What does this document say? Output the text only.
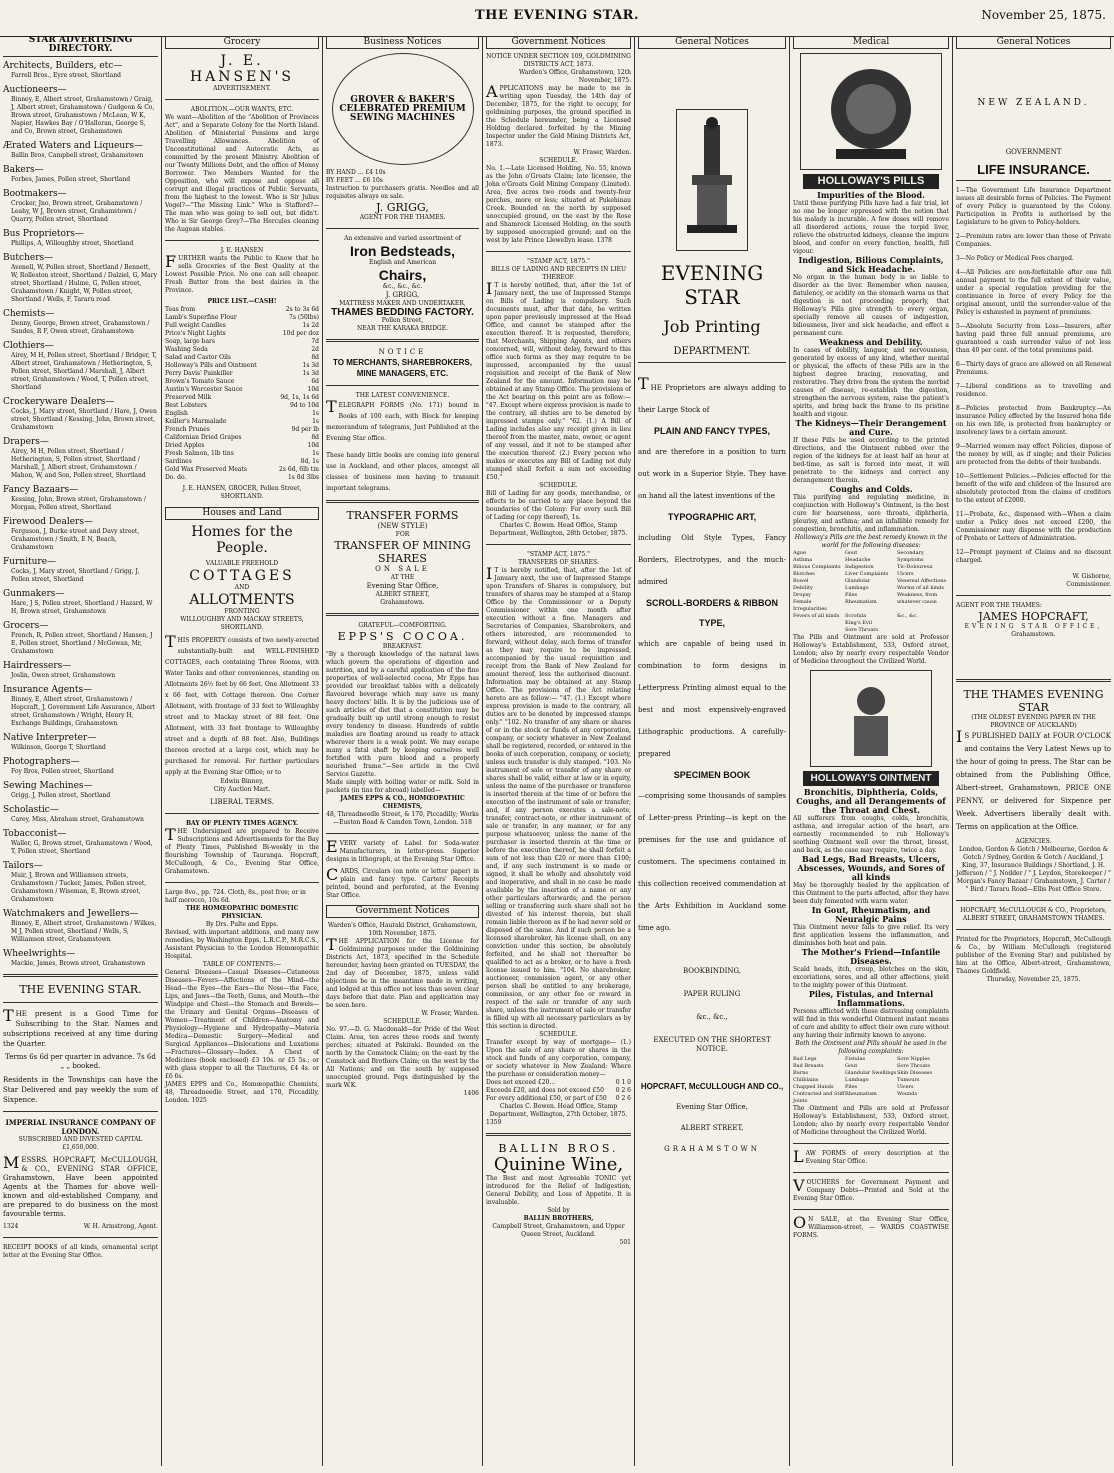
THE EVENING STAR.	November 25, 1875.
STAR ADVERTISING DIRECTORY.
Architects, Builders, etc—
Farrell Bros., Eyre street, Shortland
Auctioneers—
Binney, E, Albert street, Grahamstown / Graig, J, Albert street, Grahamstown / Gudgeon & Co, Brown street, Grahamstown / McLean, W K, Napier, Hawkes Bay / O'Halloran, George S, and Co, Brown street, Grahamstown
Ærated Waters and Liqueurs—
Ballin Bros, Campbell street, Grahamstown
Bakers—
Forbes, James, Pollen street, Shortland
Bootmakers—
Crocker, Jno, Brown street, Grahamstown / Leahy, W J, Brown street, Grahamstown / Quarry, Pollen street, Shortland
Bus Proprietors—
Phillips, A, Willoughby street, Shortland
Butchers—
Avenell, W, Pollen street, Shortland / Bennett, W, Rolleston street, Shortland / Dalziel, G, Mary street, Shortland / Hulme, G, Pollen street, Grahamstown / Knight, W, Pollen street, Shortland / Wells, F, Tararu road
Chemists—
Denny, George, Brown street, Grahamstown / Sandes, R F, Owen street, Grahamstown
Clothiers—
Airey, M H, Pollen street, Shortland / Bridger, T, Albert street, Grahamstown / Hetherington, S, Pollen street, Shortland / Marshall, J, Albert street, Grahamstown / Wood, T, Pollen street, Shortland
Crockeryware Dealers—
Cocks, J, Mary street, Shortland / Hare, J, Owen street, Shortland / Kessing, John, Brown street, Grahamstown
Drapers—
Airey, M H, Pollen street, Shortland / Hetherington, S, Pollen street, Shortland / Marshall, J, Albert street, Grahamstown / Mahon, W, and Son, Pollen street, Shortland
Fancy Bazaars—
Kessing, John, Brown street, Grahamstown / Morgan, Pollen street, Shortland
Firewood Dealers—
Ferguson, J, Burke street and Davy street, Grahamstown / Smith, E N, Beach, Grahamstown
Furniture—
Cocks, J, Mary street, Shortland / Grigg, J, Pollen street, Shortland
Gunmakers—
Hare, J S, Pollen street, Shortland / Hazard, W H, Brown street, Grahamstown
Grocers—
French, R, Pollen street, Shortland / Hansen, J E, Pollen street, Shortland / McGowan, Mr, Grahamstown
Hairdressers—
Joslin, Owen street, Grahamstown
Insurance Agents—
Binney, E, Albert street, Grahamstown / Hopcraft, J, Government Life Assurance, Albert street, Grahamstown / Wright, Henry H, Exchange Buildings, Grahamstown
Native Interpreter—
Wilkinson, George T, Shortland
Photographers—
Foy Bros, Pollen street, Shortland
Sewing Machines—
Grigg, J, Pollen street, Shortland
Scholastic—
Carey, Miss, Abraham street, Grahamstown
Tobacconist—
Waller, G, Brown street, Grahamstown / Wood, T, Pollen street, Shortland
Tailors—
Muir, J, Brown and Williamson streets, Grahamstown / Tucker, James, Pollen street, Grahamstown / Wiseman, E, Brown street, Grahamstown
Watchmakers and Jewellers—
Binney, E, Albert street, Grahamstown / Wilkes, M J, Pollen street, Shortland / Wells, S, Williamson street, Grahamstown
Wheelwrights—
Mackie, James, Brown street, Grahamstown
THE EVENING STAR.
THE present is a Good Time for Subscribing to the Star. Names and subscriptions received at any time during the Quarter.
Terms 6s 6d per quarter in advance. 7s 6d „ „ booked.
Residents in the Townships can have the Star Delivered and pay weekly the sum of Sixpence.
IMPERIAL INSURANCE COMPANY OF LONDON.
SUBSCRIBED AND INVESTED CAPITAL £1,650,000.
MESSRS. HOPCRAFT, McCULLOUGH, & CO., EVENING STAR OFFICE, Grahamstown, Have been appointed Agents at the Thames for above well-known and old-established Company, and are prepared to do business on the most favourable terms.
1324	W. H. Armstrong, Agent.
RECEIPT BOOKS of all kinds, ornamental script letter at the Evening Star Office.
Grocery
J. E. HANSEN'S
ADVERTISEMENT.
ABOLITION.—OUR WANTS, ETC.
We want—Abolition of the "Abolition of Provinces Act", and a Separate Colony for the North Island. Abolition of Ministerial Pensions and large Travelling Allowances. Abolition of Unconstitutional and Autocratic Acts, as committed by the present Ministry. Abolition of our Twenty Millions Debt, and the office of Money Borrower. Two Members Wanted for the Opposition, who will expose and oppose all corrupt and illegal practices of Public Servants, from the highest to the lowest. Who is Sir Julius Vogel?—"The Missing Link." Who is Stafford?—The man who was going to sell out, but didn't. Who is Sir George Grey?—The Hercules cleaning the Augean stables.
J. E. HANSEN
FURTHER wants the Public to Know that he sells Groceries of the Best Quality at the Lowest Possible Price. No one can sell cheaper. Fresh Butter from the best dairies in the Province.
PRICE LIST.—CASH!
Teas from	2s to 3s 6d
Lamb's Superfine Flour	7s (50lbs)
Full weight Candles	1s 2d
Price's Night Lights	10d per doz
Soap, large bars	7d
Washing Soda	2d
Salad and Castor Oils	8d
Holloway's Pills and Ointment	1s 3d
Perry Davis' Painkiller	1s 3d
Brown's Tomato Sauce	6d
Austin's Worcester Sauce	10d
Preserved Milk	9d, 1s, 1s 6d
Best Lobsters	9d to 10d
English	1s
Keiller's Marmalade	1s
French Prunes	9d per lb
Californian Dried Grapes	8d
Dried Apples	10d
Fresh Salmon, 1lb tins	1s
Sardines	8d, 1s
Gold Wax Preserved Meats	2s 6d, 6lb tin
Do. do.	1s 8d 3lbs
J. E. HANSEN, GROCER, Pollen Street, SHORTLAND.
Houses and Land
Homes for the People.
VALUABLE FREEHOLD
COTTAGES
AND
ALLOTMENTS
FRONTING
WILLOUGHBY AND MACKAY STREETS, SHORTLAND.
THIS PROPERTY consists of two newly-erected substantially-built and WELL-FINISHED COTTAGES, each containing Three Rooms, with Water Tanks and other conveniences, standing on Allotments 26½ feet by 66 feet. One Allotment 33 x 66 feet, with Cottage thereon. One Corner Allotment, with frontage of 33 feet to Willoughby street and to Mackay street of 88 feet. One Allotment, with 33 feet frontage to Willoughby street and a depth of 88 feet. Also, Buildings thereon erected at a large cost, which may be purchased for removal. For further particulars apply at the Evening Star Office; or to
Edwin Binney,
City Auction Mart.
LIBERAL TERMS.
BAY OF PLENTY TIMES AGENCY.
THE Undersigned are prepared to Receive Subscriptions and Advertisements for the Bay of Plenty Times, Published Bi-weekly in the flourishing Township of Tauranga. Hopcraft, McCullough, & Co., Evening Star Office, Grahamstown.
Large 8vo., pp. 724. Cloth, 8s., post free; or in half morocco, 10s 6d.
THE HOMŒOPATHIC DOMESTIC PHYSICIAN.
By Drs. Pulte and Epps.
Revised, with important additions, and many new remedies, by Washington Epps, L.R.C.P., M.R.C.S., Assistant Physician to the London Homœopathic Hospital.
TABLE OF CONTENTS:—
General Diseases—Casual Diseases—Cutaneous Diseases—Fevers—Affections of the Mind—the Head—the Eyes—the Ears—the Nose—the Face, Lips, and Jaws—the Teeth, Gums, and Mouth—the Windpipe and Chest—the Stomach and Bowels—the Urinary and Genital Organs—Diseases of Women—Treatment of Children—Anatomy and Physiology—Hygiene and Hydropathy—Materia Medica—Domestic Surgery—Medical and Surgical Appliances—Dislocations and Luxations—Fractures—Glossary—Index. A Chest of Medicines (book enclosed) £3 10s. or £5 5s.; or with glass stopper to all the Tinctures, £4 4s. or £6 6s.
JAMES EPPS and Co., Homœopathic Chemists, 48, Threadneedle Street, and 170, Piccadilly, London. 1025
Business Notices
GROVER & BAKER'S CELEBRATED PREMIUM SEWING MACHINES
BY HAND ... £4 10s
BY FEET ... £6 10s
Instruction to purchasers gratis. Needles and all requisites always on sale.
J. GRIGG,
AGENT FOR THE THAMES.
An extensive and varied assortment of
Iron Bedsteads,
English and American
Chairs,
&c., &c., &c.
J. GRIGG,
MATTRESS MAKER AND UNDERTAKER,
THAMES BEDDING FACTORY.
Pollen Street,
NEAR THE KARAKA BRIDGE.
NOTICE
TO MERCHANTS, SHAREBROKERS, MINE MANAGERS, ETC.
THE LATEST CONVENIENCE.
TELEGRAPH FORMS (No. 171) bound in Books of 100 each, with Block for keeping memorandum of telegrams, Just Published at the Evening Star office.
These handy little books are coming into general use in Auckland, and other places, amongst all classes of business men having to transmit important telegrams.
TRANSFER FORMS
(NEW STYLE)
FOR
TRANSFER OF MINING SHARES
ON SALE
AT THE
Evening Star Office,
ALBERT STREET,
Grahamstown.
GRATEFUL—COMFORTING.
EPPS'S COCOA.
BREAKFAST.
"By a thorough knowledge of the natural laws which govern the operations of digestion and nutrition, and by a careful application of the fine properties of well-selected cocoa, Mr Epps has provided our breakfast tables with a delicately flavoured beverage which may save us many heavy doctors' bills. It is by the judicious use of such articles of diet that a constitution may be gradually built up until strong enough to resist every tendency to disease. Hundreds of subtle maladies are floating around us ready to attack wherever there is a weak point. We may escape many a fatal shaft by keeping ourselves well fortified with pure blood and a properly nourished frame."—See article in the Civil Service Gazette.
Made simply with boiling water or milk. Sold in packets (in tins for abroad) labelled—
JAMES EPPS & CO., HOMŒOPATHIC CHEMISTS,
48, Threadneedle Street, & 170, Piccadilly; Works—Euston Road & Camden Town, London. 518
EVERY variety of Label for Soda-water Manufacturers, in letter-press. Superior designs in lithograph, at the Evening Star Office.
CARDS, Circulars (on note or letter paper) in plain and fancy type. Carters' Receipts printed, bound and perforated, at the Evening Star Office.
Government Notices
Warden's Office, Hauraki District, Grahamstown, 10th November, 1875.
THE APPLICATION for the License for Goldmining purposes under the Goldmining Districts Act, 1873, specified in the Schedule hereunder, having been granted on TUESDAY, the 2nd day of December, 1875, unless valid objections be in the meantime made in writing, and lodged at this office not less than seven clear days before that date. Plan and application may be seen here.
W. Fraser, Warden.
SCHEDULE.
No. 97.—D. G. Macdonald—for Pride of the West Claim. Area, ten acres three roods and twenty perches; situated at Pakiraki. Bounded on the north by the Comstock Claim; on the east by the Comstock and Brothers Claim; on the west by the All Nations; and on the south by supposed unoccupied ground. Pegs distinguished by the mark W.K.
1406
Government Notices
NOTICE UNDER SECTION 109, GOLDMINING DISTRICTS ACT, 1873.
Warden's Office, Grahamstown, 12th November, 1875.
APPLICATIONS may be made to me in writing upon Tuesday, the 14th day of December, 1875, for the right to occupy, for goldmining purposes, the ground specified in the Schedule hereunder, being a Licensed Holding declared forfeited by the Mining Inspector under the Gold Mining Districts Act, 1873.
W. Fraser, Warden.
SCHEDULE.
No. 1.—Late Licensed Holding, No. 55, known as the John o'Groats Claim; late licensee, the John o'Groats Gold Mining Company (Limited). Area, five acres two roods and twenty-four perches, more or less; situated at Pukehinau Creek. Bounded on the north by supposed unoccupied ground, on the east by the Rose and Shamrock Licensed Holding, on the south by supposed unoccupied ground; and on the west by late Prince Llewellyn lease. 1378
"STAMP ACT, 1875."
BILLS OF LADING AND RECEIPTS IN LIEU THEREOF.
IT is hereby notified, that, after the 1st of January next, the use of Impressed Stamps on Bills of Lading is compulsory. Such documents must, after that date, be written upon paper previously impressed at the Head Office, and cannot be stamped after the execution thereof. It is requested, therefore, that Merchants, Shipping Agents, and others concerned, will, without delay, forward to this office such forms as they may require to be impressed, accompanied by the usual requisition and receipt of the Bank of New Zealand for the amount. Information may be obtained at any Stamp Office. The provisions of the Act bearing on this point are as follow:— "47. Except where express provision is made to the contrary, all duties are to be denoted by impressed stamps only." "62. (1.) A Bill of Lading includes also any receipt given in lieu thereof from the master, mate, owner, or agent of any vessel, and it not to be stamped after the execution thereof. (2.) Every person who makes or executes any Bill of Lading not duly stamped shall forfeit a sum not exceeding £50."
SCHEDULE.
Bill of Lading for any goods, merchandise, or effects to be carried to any place beyond the boundaries of the Colony: For every such Bill of Lading (or copy thereof), 1s.
Charles C. Bowen. Head Office, Stamp Department, Wellington, 28th October, 1875.
"STAMP ACT, 1875."
TRANSFERS OF SHARES.
IT is hereby notified, that, after the 1st of January next, the use of Impressed Stamps upon Transfers of Shares is compulsory, but transfers of shares may be stamped at a Stamp Office by the Commissioner or a Deputy Commissioner within one month after execution without a fine. Managers and Secretaries of Companies, Sharebrokers, and others interested, are recommended to forward, without delay, such forms of transfer as they may require to be impressed, accompanied by the usual requisition and receipt from the Bank of New Zealand for amount thereof, less the authorised discount. Information may be obtained at any Stamp Office. The provisions of the Act relating hereto are as follow:— "47. (1.) Except where express provision is made to the contrary, all duties are to be denoted by impressed stamps only." "102. No transfer of any share or shares of or in the stock or funds of any corporation, company, or society whatever in New Zealand shall be registered, recorded, or entered in the books of such corporation, company, or society, unless such transfer is duly stamped. "103. No instrument of sale or transfer of any share or shares shall be valid, either at law or in equity, unless the name of the purchaser or transferee is inserted therein at the time of or before the execution of the instrument of sale or transfer; and, if any person executes a sale-note, transfer, contract-note, or other instrument of sale or transfer, in any manner, or for any purpose whatsoever, unless the name of the purchaser is inserted therein at the time or before the execution thereof, he shall forfeit a sum of not less than £20 or more than £100; and, if any such instrument is so made or signed, it shall be wholly and absolutely void and inoperative, and shall in no case be made available by the insertion of a name or any other particulars afterwards; and the person selling or transferring such share shall not be divested of his interest therein, but shall remain liable thereon as if he had never sold or disposed of the same. And if such person be a licensed sharebroker, his license shall, on any conviction under this section, be absolutely forfeited, and he shall not thereafter be qualified to act as a broker, or to have a fresh license issued to him. "104. No sharebroker, auctioneer, commission agent, or any other person shall be entitled to any brokerage, commission, or any other fee or reward in respect of the sale or transfer of any such share, unless the instrument of sale or transfer is filled up with all necessary particulars as by this section is directed.
SCHEDULE.
Transfer except by way of mortgage— (1.) Upon the sale of any share or shares in the stock and funds of any corporation, company, or society whatever in New Zealand: Where the purchase or consideration money—
Does not exceed £20...	0 1 0
Exceeds £20, and does not exceed £50 0 2 6
For every additional £50, or part of £50 0 2 6
Charles C. Bowen. Head Office, Stamp Department, Wellington, 27th October, 1875.
1359
BALLIN BROS.
Quinine Wine,
The Best and most Agreeable TONIC yet introduced for the Relief of Indigestion, General Debility, and Loss of Appetite. It is invaluable.
Sold by
BALLIN BROTHERS,
Campbell Street, Grahamstown, and Upper Queen Street, Auckland.
501
General Notices
EVENING STAR
Job Printing
DEPARTMENT.
THE Proprietors are always adding to their Large Stock of
PLAIN AND FANCY TYPES,
and are therefore in a position to turn out work in a Superior Style. They have on hand all the latest inventions of the
TYPOGRAPHIC ART,
including Old Style Types, Fancy Borders, Electrotypes, and the much-admired
SCROLL-BORDERS & RIBBON TYPE,
which are capable of being used in combination to form designs in Letterpress Printing almost equal to the best and most expensively-engraved Lithographic productions. A carefully-prepared
SPECIMEN BOOK
—comprising some thousands of samples of Letter-press Printing—is kept on the premises for the use and guidance of customers. The specimens contained in this collection received commendation at the Arts Exhibition in Auckland some time ago.
BOOKBINDING,
PAPER RULING
&c., &c.,
EXECUTED ON THE SHORTEST NOTICE.
HOPCRAFT, McCULLOUGH AND CO.,
Evening Star Office,
ALBERT STREET,
GRAHAMSTOWN
Medical
HOLLOWAY'S PILLS
Impurities of the Blood.
Until these purifying Pills have had a fair trial, let no one be longer oppressed with the notion that his malady is incurable. A few doses will remove all disordered actions, rouse the torpid liver, relieve the obstructed kidneys, cleanse the impure blood, and confer on every function, health, full vigour.
Indigestion, Bilious Complaints, and Sick Headache.
No organ in the human body is so liable to disorder as the liver. Remember when nausea, flatulency, or acidity on the stomach warns us that digestion is not proceeding properly, that Holloway's Pills give strength to every organ, specially remove all causes of indigestion, biliousness, liver and sick headache, and effect a permanent cure.
Weakness and Debility.
In cases of debility, languor, and nervousness, generated by excess of any kind, whether mental or physical, the effects of these Pills are in the highest degree bracing, renovating, and restorative. They drive from the system the morbid causes of disease, re-establish the digestion, strengthen the nervous system, raise the patient's spirits, and bring back the frame to its pristine health and vigour.
The Kidneys—Their Derangement and Cure.
If these Pills be used according to the printed directions, and the Ointment rubbed over the region of the kidneys for at least half an hour at bed-time, as salt is forced into meat, it will penetrate to the kidneys and correct any derangement therein.
Coughs and Colds.
This purifying and regulating medicine, in conjunction with Holloway's Ointment, is the best cure for hoarseness, sore throats, diphtheria, pleurisy, and asthma; and an infallible remedy for congestion, bronchitis, and inflammation.
Holloway's Pills are the best remedy known in the world for the following diseases:
Ague	Gout	Secondary
Asthma	Headache	Symptoms
Bilious Complaints Indigestion	Tic-Doloureux
Blotches	Liver Complaints	Ulcers
Bowel	Glandular	Venereal Affections
Debility	Lumbago	Worms of all kinds
Dropsy	Piles	Weakness, from
Female Irregularities
Rheumatism	whatever cause
Fevers of all kinds	Scrofula	&c., &c.
King's Evil
Sore Throats
The Pills and Ointment are sold at Professor Holloway's Establishment, 533, Oxford street, London; also by nearly every respectable Vendor of Medicine throughout the Civilized World.
HOLLOWAY'S OINTMENT
Bronchitis, Diphtheria, Colds, Coughs, and all Derangements of the Throat and Chest.
All sufferers from coughs, colds, bronchitis, asthma, and irregular action of the heart, are earnestly recommended to rub Holloway's soothing Ointment well over the throat, breast, and back, as the case may require, twice a day.
Bad Legs, Bad Breasts, Ulcers, Abscesses, Wounds, and Sores of all kinds
May be thoroughly healed by the application of this Ointment to the parts affected, after they have been duly fomented with warm water.
In Gout, Rheumatism, and Neuralgic Pains
This Ointment never fails to give relief. Its very first application lessens the inflammation, and diminishes both heat and pain.
The Mother's Friend—Infantile Diseases.
Scald heads, itch, croup, blotches on the skin, excoriations, sores, and all other affections, yield to the mighty power of this Ointment.
Piles, Fistulas, and Internal Inflammations.
Persons afflicted with these distressing complaints will find in this wonderful Ointment instant means of cure and ability to effect their own cure without any having their infirmity known to anyone.
Both the Ointment and Pills should be used in the following complaints:
Bad Legs	Fistulas	Sore Nipples
Bad Breasts	Gout	Sore Throats
Burns	Glandular Swellings Skin Diseases
Chilblains	Lumbago	Tumours
Chapped Hands	Piles	Ulcers
Contracted and Stiff Joints
Rheumatism	Wounds
The Ointment and Pills are sold at Professor Holloway's Establishment, 533, Oxford street, London; also by nearly every respectable Vendor of Medicine throughout the Civilized World.
LAW FORMS of every description at the Evening Star Office.
VOUCHERS for Government Payment and Company Debts—Printed and Sold at the Evening Star Office.
ON SALE, at the Evening Star Office, Williamson-street, — WARDS COASTWISE FORMS.
General Notices
NEW ZEALAND.
GOVERNMENT
LIFE INSURANCE.
1—The Government Life Insurance Department issues all desirable forms of Policies. The Payment of every Policy is guaranteed by the Colony. Participation in Profits is authorised by the Legislature to be given to Policy-holders.
2—Premium rates are lower than those of Private Companies.
3—No Policy or Medical Fees charged.
4—All Policies are non-forfeitable after one full annual payment to the full extent of their value, under a special regulation providing for the continuance in force of every Policy for the original amount, until the surrender-value of the Policy is exhausted in payment of premiums.
5—Absolute Security from Loss—Insurers, after having paid three full annual premiums, are guaranteed a cash surrender value of not less than 40 per cent. of the total premiums paid.
6—Thirty days of grace are allowed on all Renewal Premiums.
7—Liberal conditions as to travelling and residence.
8—Policies protected from Bankruptcy.—An insurance Policy effected by the Insured bona fide on his own life, is protected from bankruptcy or insolvency laws to a certain amount.
9—Married women may effect Policies, dispose of the money by will, as if single; and their Policies are protected from the debts of their husbands.
10—Settlement Policies.—Policies effected for the benefit of the wife and children of the Insured are absolutely protected from the claims of creditors to the extent of £2000.
11—Probate, &c., dispensed with—When a claim under a Policy does not exceed £200, the Commissioner may dispense with the production of Probate or Letters of Administration.
12—Prompt payment of Claims and no discount charged.
W. Gisborne,
Commissioner.
AGENT FOR THE THAMES:
JAMES HOPCRAFT,
EVENING STAR OFFICE,
Grahamstown.
THE THAMES EVENING STAR
(THE OLDEST EVENING PAPER IN THE PROVINCE OF AUCKLAND)
IS PUBLISHED DAILY at FOUR O'CLOCK and contains the Very Latest News up to the hour of going to press. The Star can be obtained from the Publishing Office, Albert-street, Grahamstown, PRICE ONE PENNY, or delivered for Sixpence per Week. Advertisers liberally dealt with. Terms on application at the Office.
AGENCIES.
London, Gordon & Gotch / Melbourne, Gordon & Gotch / Sydney, Gordon & Gotch / Auckland, J. King, 37, Insurance Buildings / Shortland, J. H. Jefferson / " J. Nodder / " J. Leydon, Storekeeper / " Morgan's Fancy Bazaar / Grahamstown, J. Carter / " Bird / Tararu Road—Ellis Post Office Store.
HOPCRAFT, McCULLOUGH & CO., Proprietors, ALBERT STREET, GRAHAMSTOWN THAMES.
Printed for the Proprietors, Hopcraft, McCullough & Co., by William McCullough (registered publisher of the Evening Star) and published by him at the Office, Albert-street, Grahamstown, Thames Goldfield.
Thursday, November 25, 1875.
